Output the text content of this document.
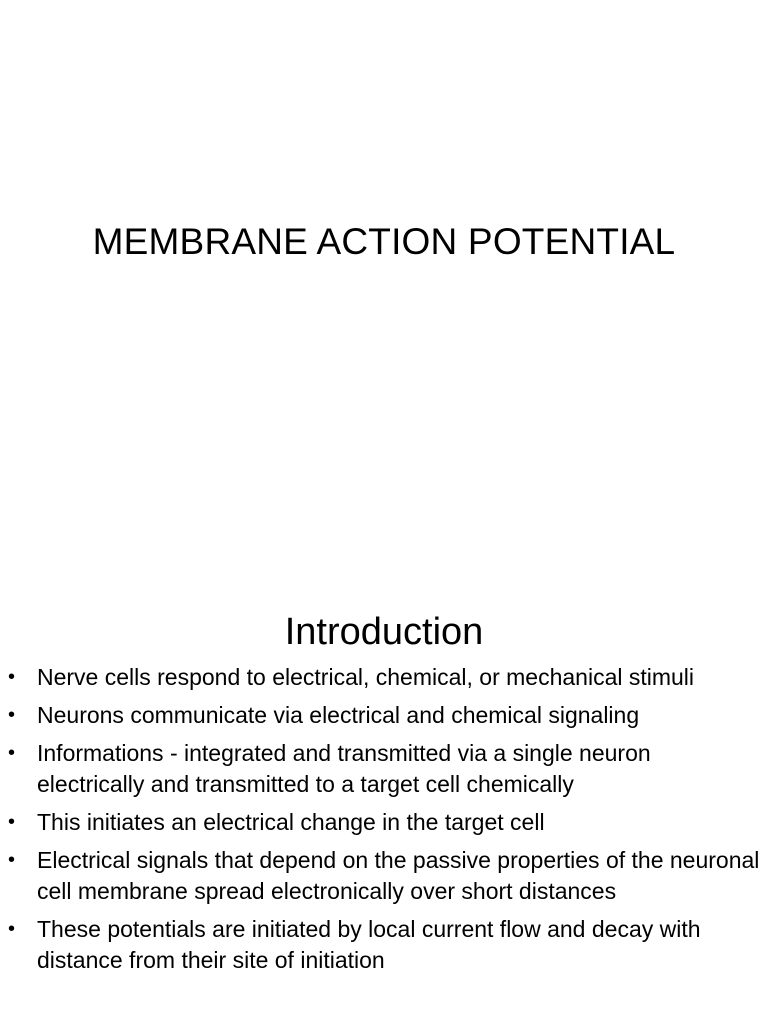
MEMBRANE ACTION POTENTIAL
Introduction
• Nerve cells respond to electrical, chemical, or mechanical stimuli
• Neurons communicate via electrical and chemical signaling
• Informations - integrated and transmitted via a single neuron electrically and transmitted to a target cell chemically
• This initiates an electrical change in the target cell
• Electrical signals that depend on the passive properties of the neuronal cell membrane spread electronically over short distances
• These potentials are initiated by local current flow and decay with distance from their site of initiation
